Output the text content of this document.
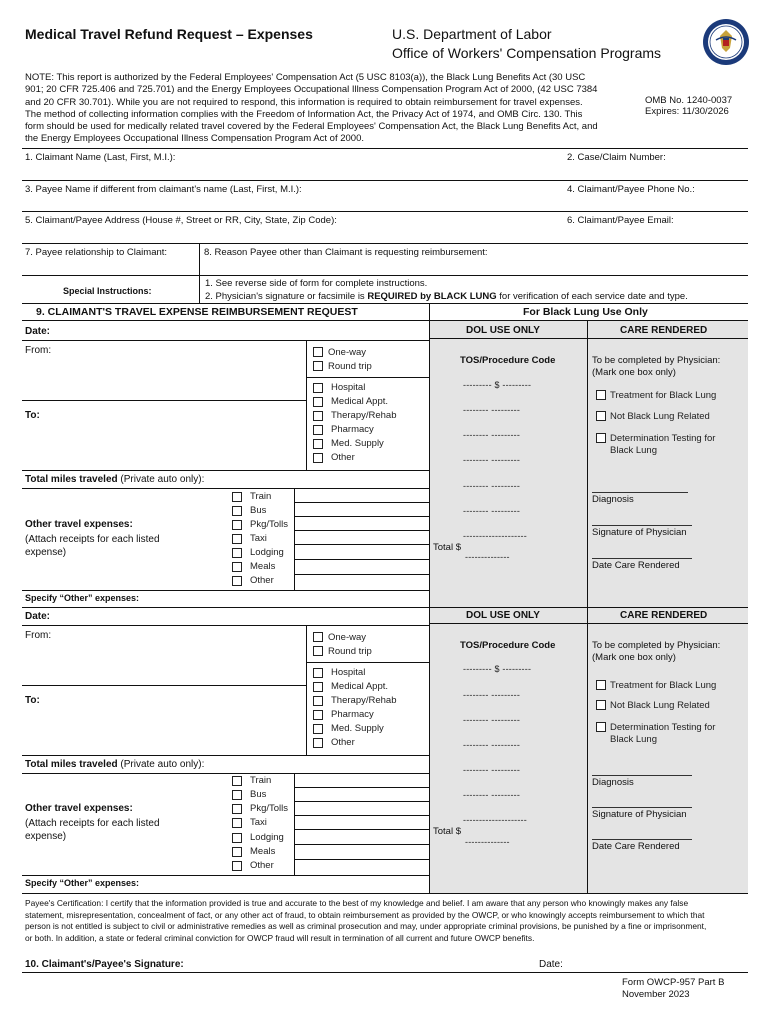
Medical Travel Refund Request – Expenses	U.S. Department of Labor
Office of Workers' Compensation Programs
NOTE: This report is authorized by the Federal Employees' Compensation Act (5 USC 8103(a)), the Black Lung Benefits Act (30 USC
901; 20 CFR 725.406 and 725.701) and the Energy Employees Occupational Illness Compensation Program Act of 2000, (42 USC 7384
and 20 CFR 30.701). While you are not required to respond, this information is required to obtain reimbursement for travel expenses.
The method of collecting information complies with the Freedom of Information Act, the Privacy Act of 1974, and OMB Circ. 130. This
form should be used for medically related travel covered by the Federal Employees' Compensation Act, the Black Lung Benefits Act, and
the Energy Employees Occupational Illness Compensation Program Act of 2000.
OMB No. 1240-0037
Expires: 11/30/2026
1. Claimant Name (Last, First, M.I.):	2. Case/Claim Number:
3. Payee Name if different from claimant's name (Last, First, M.I.):	4. Claimant/Payee Phone No.:
5. Claimant/Payee Address (House #, Street or RR, City, State, Zip Code):	6. Claimant/Payee Email:
7. Payee relationship to Claimant:	8. Reason Payee other than Claimant is requesting reimbursement:
Special Instructions:
1. See reverse side of form for complete instructions.
2. Physician's signature or facsimile is REQUIRED by BLACK LUNG for verification of each service date and type.
9. CLAIMANT'S TRAVEL EXPENSE REIMBURSEMENT REQUEST	For Black Lung Use Only
Date:	DOL USE ONLY	CARE RENDERED
From:	One-way
Round trip
To:
Hospital
Medical Appt.
Therapy/Rehab
Pharmacy
Med. Supply
Other
Total miles traveled (Private auto only):
Other travel expenses:
(Attach receipts for each listed
expense)
Train
Bus
Pkg/Tolls
Taxi
Lodging
Meals
Other
Specify “Other” expenses:
TOS/Procedure Code
--------- $ ---------
-------- ---------
-------- ---------
-------- ---------
-------- ---------
-------- ---------
--------------------
Total $
--------------
To be completed by Physician:
(Mark one box only)
Treatment for Black Lung
Not Black Lung Related
Determination Testing for
Black Lung
Diagnosis
Signature of Physician
Date Care Rendered
Date:	DOL USE ONLY	CARE RENDERED
From:	One-way
Round trip
To:
Hospital
Medical Appt.
Therapy/Rehab
Pharmacy
Med. Supply
Other
Total miles traveled (Private auto only):
Other travel expenses:
(Attach receipts for each listed
expense)
Train
Bus
Pkg/Tolls
Taxi
Lodging
Meals
Other
Specify “Other” expenses:
TOS/Procedure Code
--------- $ ---------
-------- ---------
-------- ---------
-------- ---------
-------- ---------
-------- ---------
--------------------
Total $
--------------
To be completed by Physician:
(Mark one box only)
Treatment for Black Lung
Not Black Lung Related
Determination Testing for
Black Lung
Diagnosis
Signature of Physician
Date Care Rendered
Payee's Certification: I certify that the information provided is true and accurate to the best of my knowledge and belief. I am aware that any person who knowingly makes any false
statement, misrepresentation, concealment of fact, or any other act of fraud, to obtain reimbursement as provided by the OWCP, or who knowingly accepts reimbursement to which that
person is not entitled is subject to civil or administrative remedies as well as criminal prosecution and may, under appropriate criminal provisions, be punished by a fine or imprisonment,
or both. In addition, a state or federal criminal conviction for OWCP fraud will result in termination of all current and future OWCP benefits.
10. Claimant's/Payee's Signature:	Date:
Form OWCP-957 Part B
November 2023
